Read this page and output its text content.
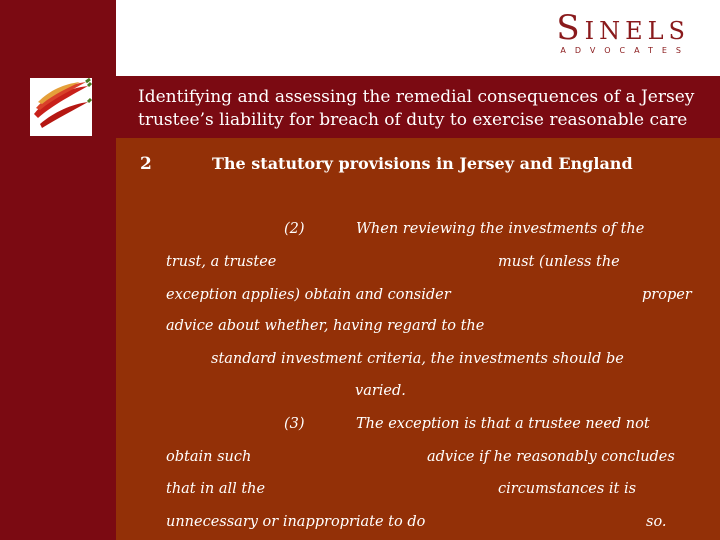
Sinels
ADVOCATES
Identifying and assessing the remedial consequences of a Jersey trustee’s liability for breach of duty to exercise reasonable care
2	The statutory provisions in Jersey and England
(2)	When reviewing the investments of the
trust, a trustee	must (unless the
exception applies) obtain and consider	proper
advice about whether, having regard to the
standard investment criteria, the investments should be
varied.
(3)	The exception is that a trustee need not
obtain such	advice if he reasonably concludes
that in all the	circumstances it is
unnecessary or inappropriate to do	so.
